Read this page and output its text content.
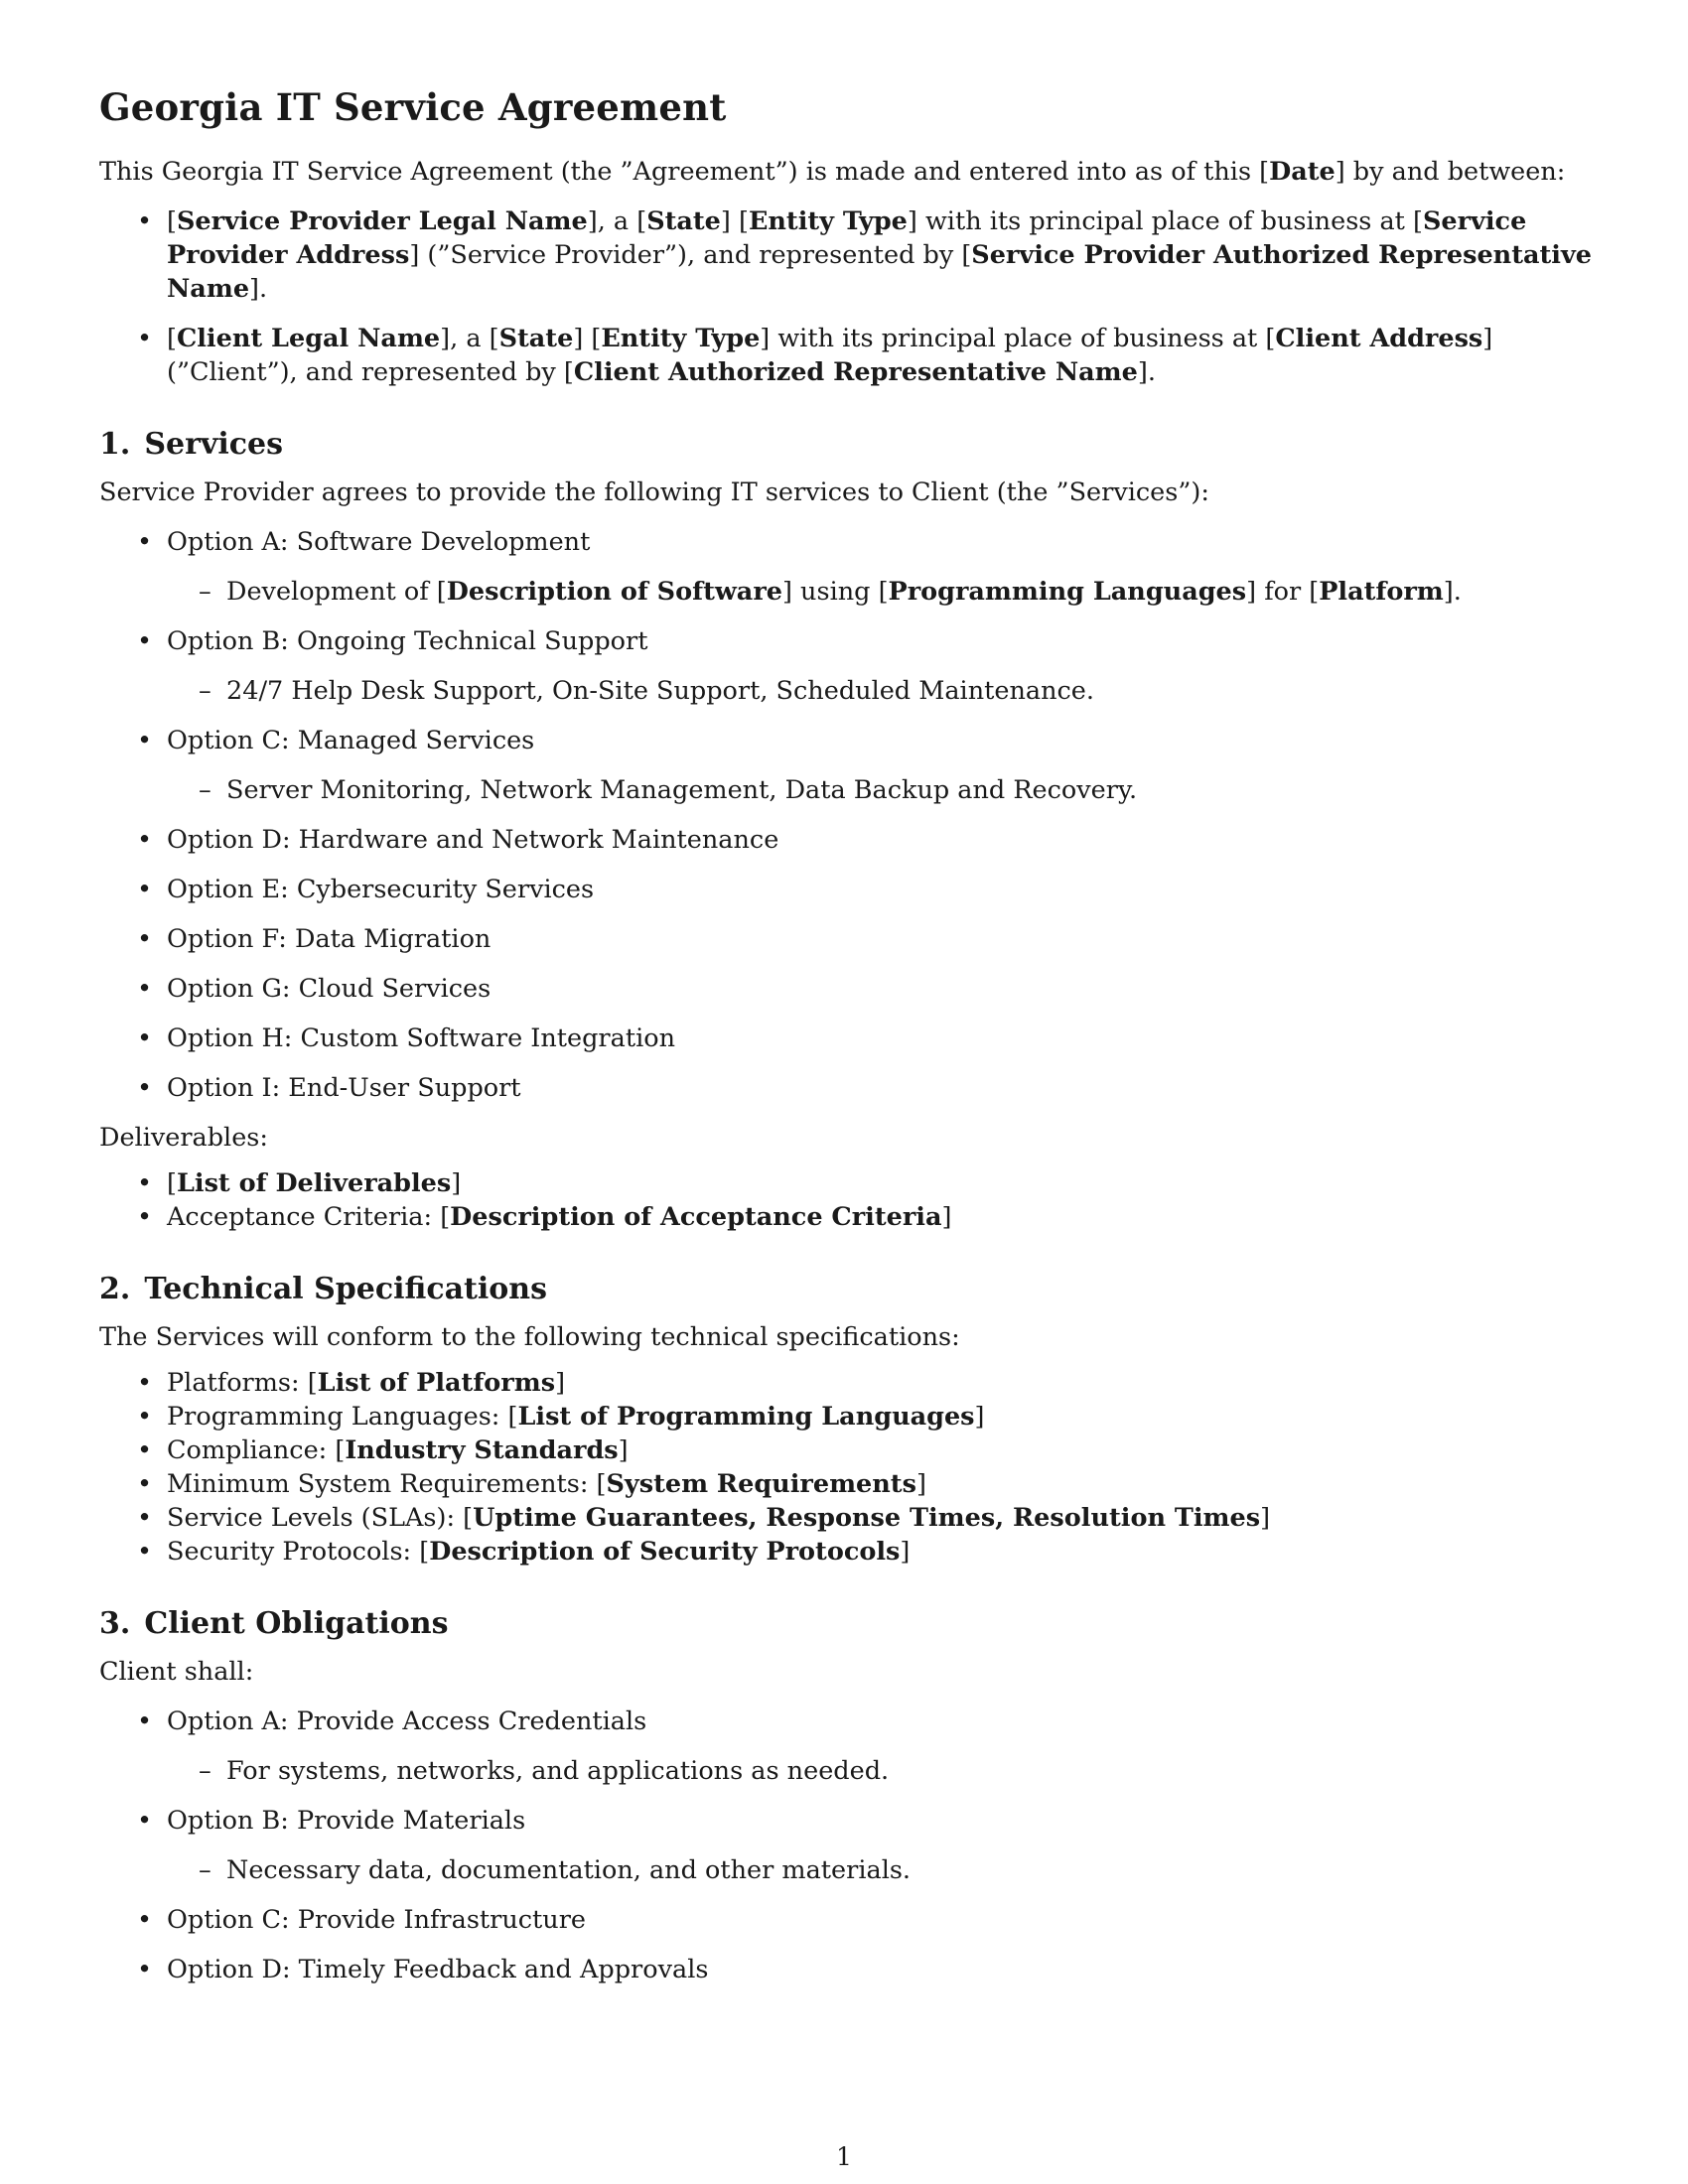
Georgia IT Service Agreement

This Georgia IT Service Agreement (the ”Agreement”) is made and entered into as of this [Date] by and between:

• [Service Provider Legal Name], a [State] [Entity Type] with its principal place of business at [Service Provider Address] (”Service Provider”), and represented by [Service Provider Authorized Representative Name].
• [Client Legal Name], a [State] [Entity Type] with its principal place of business at [Client Address] (”Client”), and represented by [Client Authorized Representative Name].
1. Services

Service Provider agrees to provide the following IT services to Client (the ”Services”):

• Option A: Software Development
– Development of [Description of Software] using [Programming Languages] for [Platform].
• Option B: Ongoing Technical Support
– 24/7 Help Desk Support, On-Site Support, Scheduled Maintenance.
• Option C: Managed Services
– Server Monitoring, Network Management, Data Backup and Recovery.
• Option D: Hardware and Network Maintenance
• Option E: Cybersecurity Services
• Option F: Data Migration
• Option G: Cloud Services
• Option H: Custom Software Integration
• Option I: End-User Support

Deliverables:

• [List of Deliverables]
• Acceptance Criteria: [Description of Acceptance Criteria]
2. Technical Specifications

The Services will conform to the following technical specifications:

• Platforms: [List of Platforms]
• Programming Languages: [List of Programming Languages]
• Compliance: [Industry Standards]
• Minimum System Requirements: [System Requirements]
• Service Levels (SLAs): [Uptime Guarantees, Response Times, Resolution Times]
• Security Protocols: [Description of Security Protocols]
3. Client Obligations

Client shall:

• Option A: Provide Access Credentials
– For systems, networks, and applications as needed.
• Option B: Provide Materials
– Necessary data, documentation, and other materials.
• Option C: Provide Infrastructure
• Option D: Timely Feedback and Approvals
1
